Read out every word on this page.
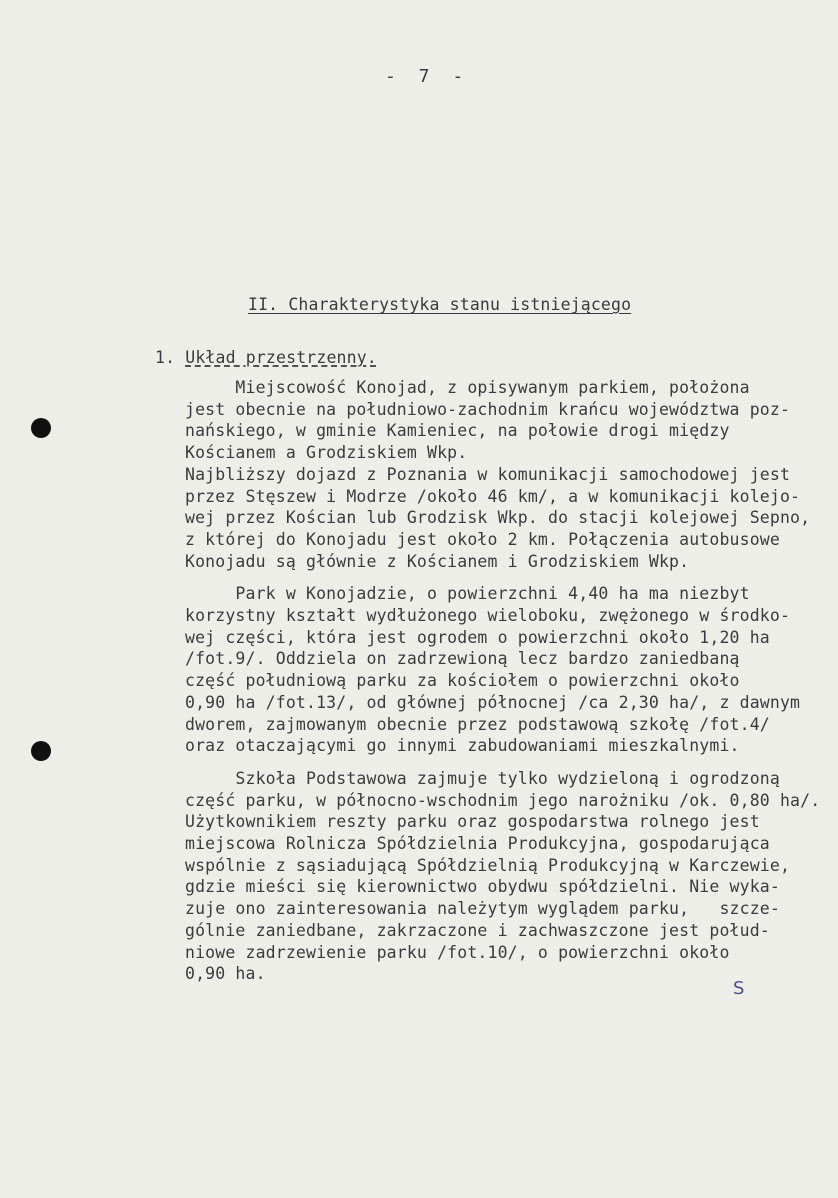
- 7 -
II. Charakterystyka stanu istniejącego
1. Układ przestrzenny.
Miejscowość Konojad, z opisywanym parkiem, położona
jest obecnie na południowo-zachodnim krańcu województwa poz-
nańskiego, w gminie Kamieniec, na połowie drogi między
Kościanem a Grodziskiem Wkp.
Najbliższy dojazd z Poznania w komunikacji samochodowej jest
przez Stęszew i Modrze /około 46 km/, a w komunikacji kolejo-
wej przez Kościan lub Grodzisk Wkp. do stacji kolejowej Sepno,
z której do Konojadu jest około 2 km. Połączenia autobusowe
Konojadu są głównie z Kościanem i Grodziskiem Wkp.
Park w Konojadzie, o powierzchni 4,40 ha ma niezbyt
korzystny kształt wydłużonego wieloboku, zwężonego w środko-
wej części, która jest ogrodem o powierzchni około 1,20 ha
/fot.9/. Oddziela on zadrzewioną lecz bardzo zaniedbaną
część południową parku za kościołem o powierzchni około
0,90 ha /fot.13/, od głównej północnej /ca 2,30 ha/, z dawnym
dworem, zajmowanym obecnie przez podstawową szkołę /fot.4/
oraz otaczającymi go innymi zabudowaniami mieszkalnymi.
Szkoła Podstawowa zajmuje tylko wydzieloną i ogrodzoną
część parku, w północno-wschodnim jego narożniku /ok. 0,80 ha/.
Użytkownikiem reszty parku oraz gospodarstwa rolnego jest
miejscowa Rolnicza Spółdzielnia Produkcyjna, gospodarująca
wspólnie z sąsiadującą Spółdzielnią Produkcyjną w Karczewie,
gdzie mieści się kierownictwo obydwu spółdzielni. Nie wyka-
zuje ono zainteresowania należytym wyglądem parku,   szcze-
gólnie zaniedbane, zakrzaczone i zachwaszczone jest połud-
niowe zadrzewienie parku /fot.10/, o powierzchni około
0,90 ha.
S
